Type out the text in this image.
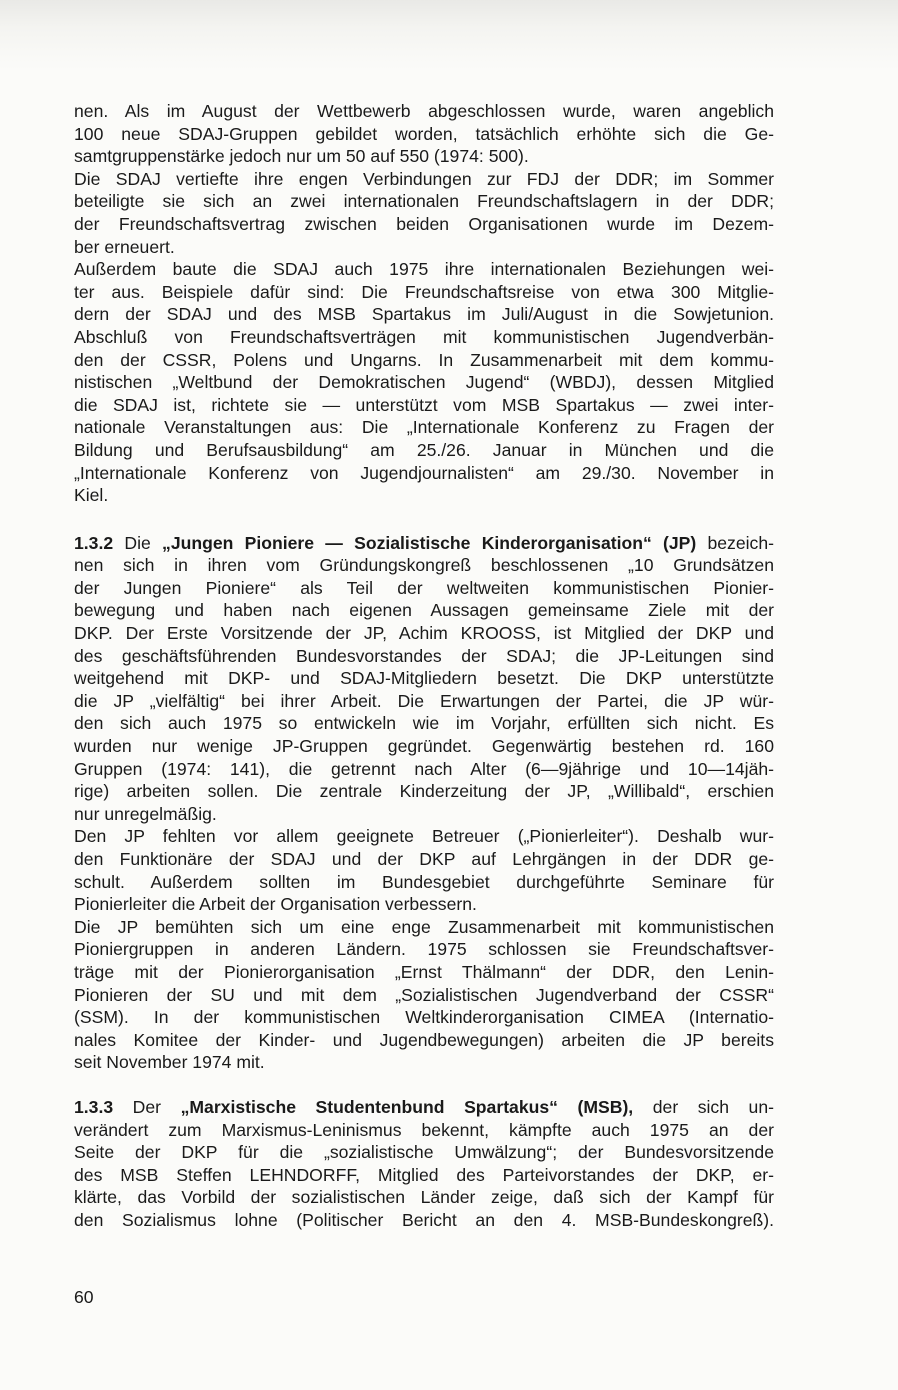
nen. Als im August der Wettbewerb abgeschlossen wurde, waren angeblich
100 neue SDAJ-Gruppen gebildet worden, tatsächlich erhöhte sich die Ge-
samtgruppenstärke jedoch nur um 50 auf 550 (1974: 500).
Die SDAJ vertiefte ihre engen Verbindungen zur FDJ der DDR; im Sommer
beteiligte sie sich an zwei internationalen Freundschaftslagern in der DDR;
der Freundschaftsvertrag zwischen beiden Organisationen wurde im Dezem-
ber erneuert.
Außerdem baute die SDAJ auch 1975 ihre internationalen Beziehungen wei-
ter aus. Beispiele dafür sind: Die Freundschaftsreise von etwa 300 Mitglie-
dern der SDAJ und des MSB Spartakus im Juli/August in die Sowjetunion.
Abschluß von Freundschaftsverträgen mit kommunistischen Jugendverbän-
den der CSSR, Polens und Ungarns. In Zusammenarbeit mit dem kommu-
nistischen „Weltbund der Demokratischen Jugend“ (WBDJ), dessen Mitglied
die SDAJ ist, richtete sie — unterstützt vom MSB Spartakus — zwei inter-
nationale Veranstaltungen aus: Die „Internationale Konferenz zu Fragen der
Bildung und Berufsausbildung“ am 25./26. Januar in München und die
„Internationale Konferenz von Jugendjournalisten“ am 29./30. November in
Kiel.
1.3.2 Die „Jungen Pioniere — Sozialistische Kinderorganisation“ (JP) bezeich-
nen sich in ihren vom Gründungskongreß beschlossenen „10 Grundsätzen
der Jungen Pioniere“ als Teil der weltweiten kommunistischen Pionier-
bewegung und haben nach eigenen Aussagen gemeinsame Ziele mit der
DKP. Der Erste Vorsitzende der JP, Achim KROOSS, ist Mitglied der DKP und
des geschäftsführenden Bundesvorstandes der SDAJ; die JP-Leitungen sind
weitgehend mit DKP- und SDAJ-Mitgliedern besetzt. Die DKP unterstützte
die JP „vielfältig“ bei ihrer Arbeit. Die Erwartungen der Partei, die JP wür-
den sich auch 1975 so entwickeln wie im Vorjahr, erfüllten sich nicht. Es
wurden nur wenige JP-Gruppen gegründet. Gegenwärtig bestehen rd. 160
Gruppen (1974: 141), die getrennt nach Alter (6—9jährige und 10—14jäh-
rige) arbeiten sollen. Die zentrale Kinderzeitung der JP, „Willibald“, erschien
nur unregelmäßig.
Den JP fehlten vor allem geeignete Betreuer („Pionierleiter“). Deshalb wur-
den Funktionäre der SDAJ und der DKP auf Lehrgängen in der DDR ge-
schult. Außerdem sollten im Bundesgebiet durchgeführte Seminare für
Pionierleiter die Arbeit der Organisation verbessern.
Die JP bemühten sich um eine enge Zusammenarbeit mit kommunistischen
Pioniergruppen in anderen Ländern. 1975 schlossen sie Freundschaftsver-
träge mit der Pionierorganisation „Ernst Thälmann“ der DDR, den Lenin-
Pionieren der SU und mit dem „Sozialistischen Jugendverband der CSSR“
(SSM). In der kommunistischen Weltkinderorganisation CIMEA (Internatio-
nales Komitee der Kinder- und Jugendbewegungen) arbeiten die JP bereits
seit November 1974 mit.
1.3.3 Der „Marxistische Studentenbund Spartakus“ (MSB), der sich un-
verändert zum Marxismus-Leninismus bekennt, kämpfte auch 1975 an der
Seite der DKP für die „sozialistische Umwälzung“; der Bundesvorsitzende
des MSB Steffen LEHNDORFF, Mitglied des Parteivorstandes der DKP, er-
klärte, das Vorbild der sozialistischen Länder zeige, daß sich der Kampf für
den Sozialismus lohne (Politischer Bericht an den 4. MSB-Bundeskongreß).
60
